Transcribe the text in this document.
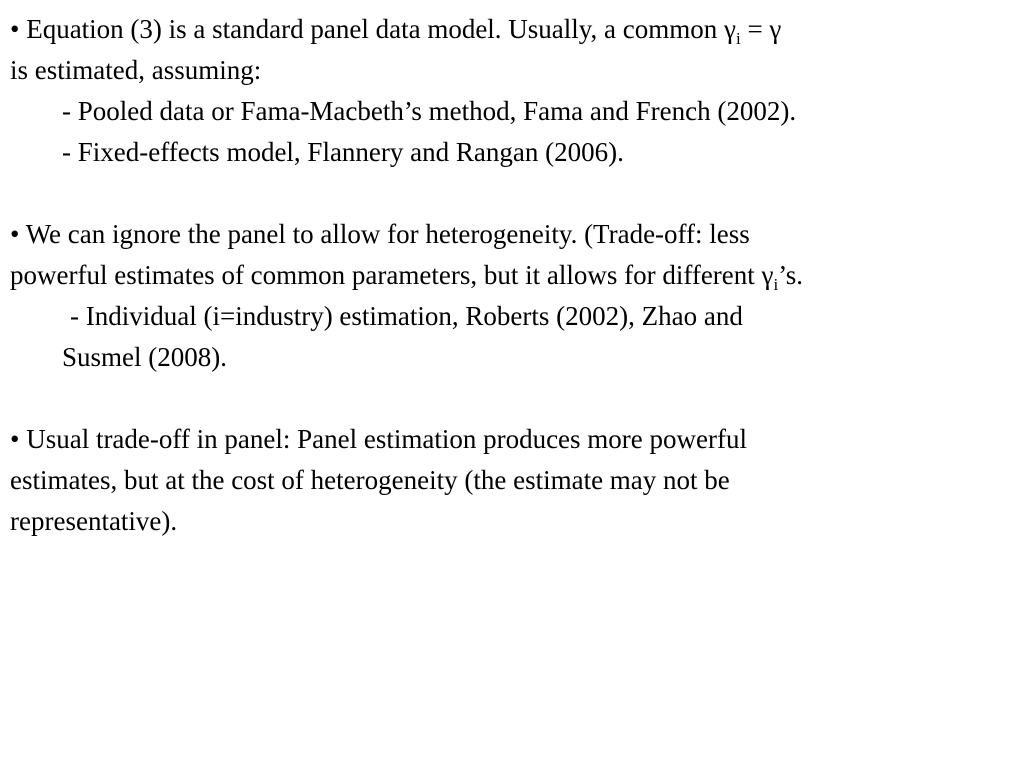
• Equation (3) is a standard panel data model. Usually, a common $\gamma_i = \gamma$
is estimated, assuming:
- Pooled data or Fama-Macbeth’s method, Fama and French (2002).
- Fixed-effects model, Flannery and Rangan (2006).
• We can ignore the panel to allow for heterogeneity. (Trade-off: less
powerful estimates of common parameters, but it allows for different $\gamma_i’s$.
- Individual (i=industry) estimation, Roberts (2002), Zhao and
Susmel (2008).
• Usual trade-off in panel: Panel estimation produces more powerful
estimates, but at the cost of heterogeneity (the estimate may not be
representative).
